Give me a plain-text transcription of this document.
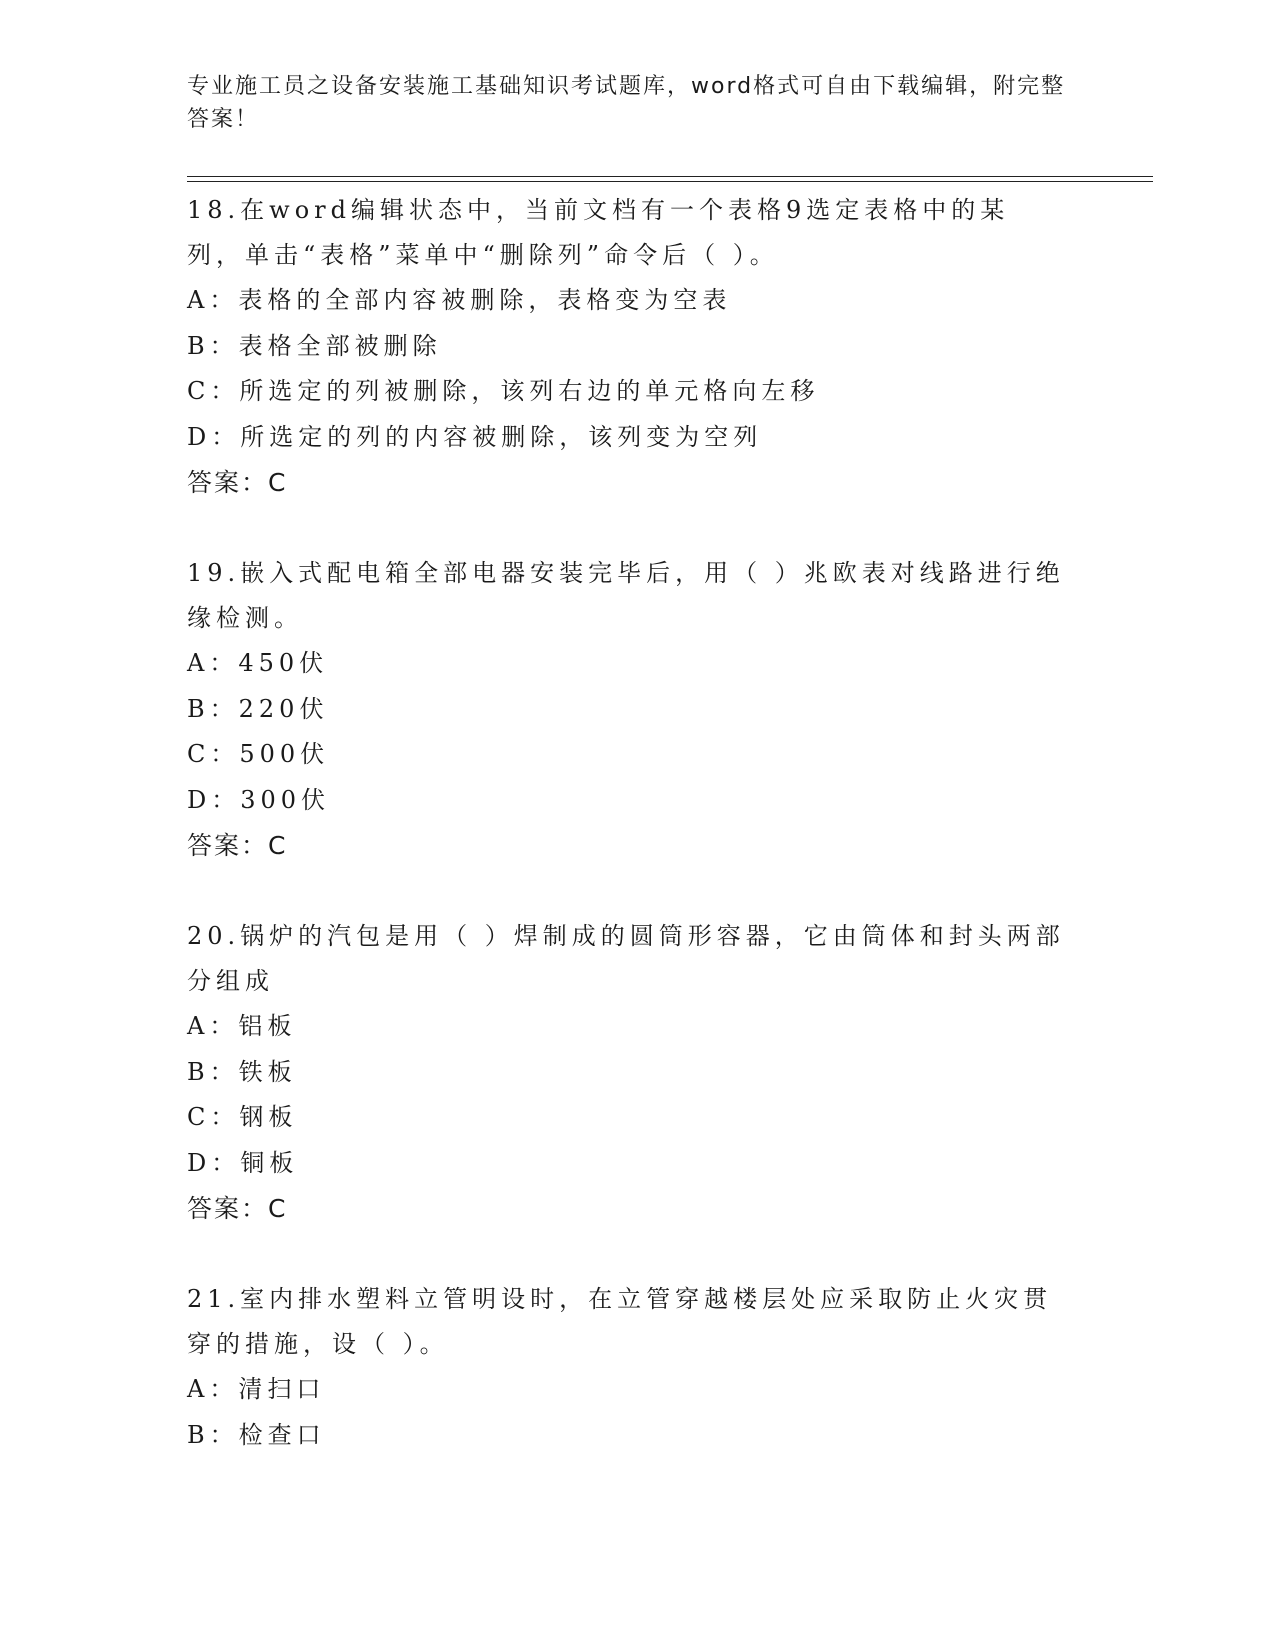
专业施工员之设备安装施工基础知识考试题库，word格式可自由下载编辑，附完整答案！
18.在word编辑状态中，当前文档有一个表格9选定表格中的某列，单击“表格”菜单中“删除列”命令后（ ）。
A：表格的全部内容被删除，表格变为空表
B：表格全部被删除
C：所选定的列被删除，该列右边的单元格向左移
D：所选定的列的内容被删除，该列变为空列
答案：C
19.嵌入式配电箱全部电器安装完毕后，用（ ）兆欧表对线路进行绝缘检测。
A：450伏
B：220伏
C：500伏
D：300伏
答案：C
20.锅炉的汽包是用（ ）焊制成的圆筒形容器，它由筒体和封头两部分组成
A：铝板
B：铁板
C：钢板
D：铜板
答案：C
21.室内排水塑料立管明设时，在立管穿越楼层处应采取防止火灾贯穿的措施，设（ ）。
A：清扫口
B：检查口
